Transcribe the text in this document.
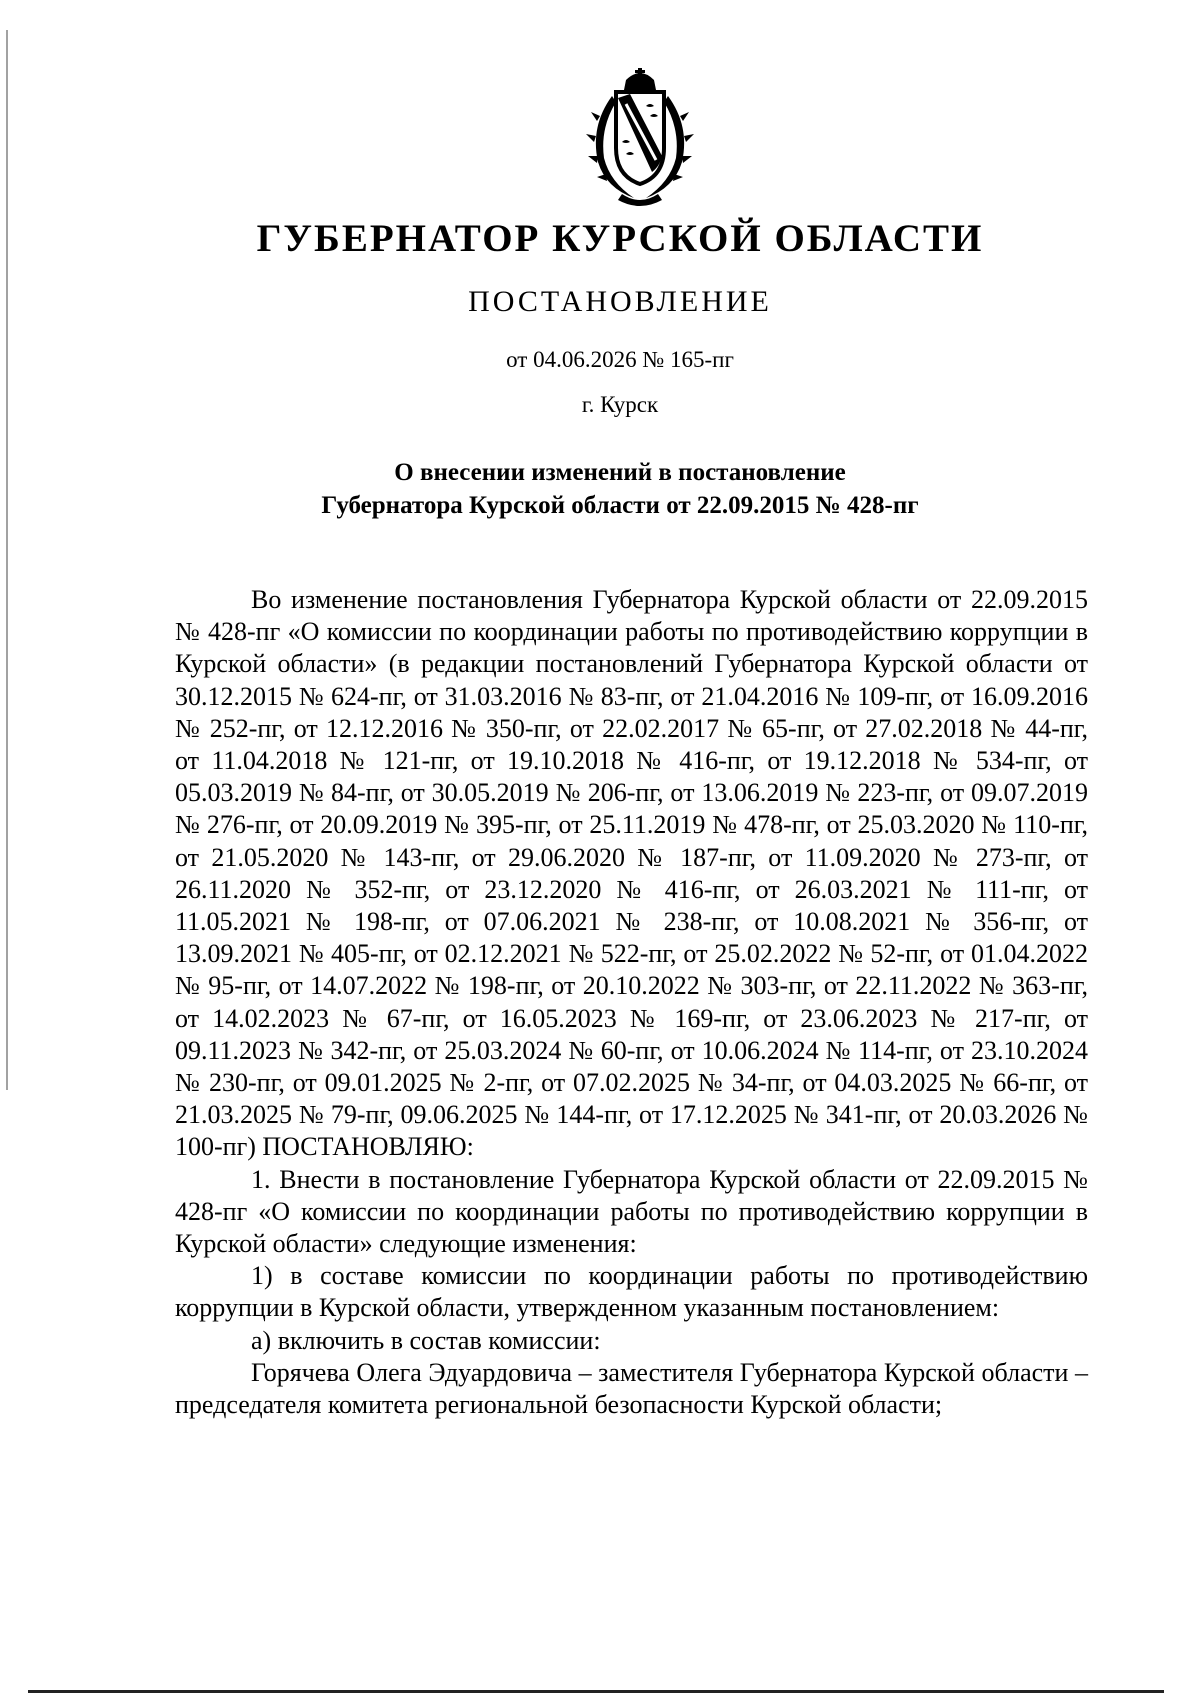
ГУБЕРНАТОР КУРСКОЙ ОБЛАСТИ
ПОСТАНОВЛЕНИЕ
от 04.06.2026 № 165-пг
г. Курск
О внесении изменений в постановление
Губернатора Курской области от 22.09.2015 № 428-пг

Во изменение постановления Губернатора Курской области от 22.09.2015 № 428-пг «О комиссии по координации работы по противодействию коррупции в Курской области» (в редакции постановлений Губернатора Курской области от 30.12.2015 № 624-пг, от 31.03.2016 № 83-пг, от 21.04.2016 № 109-пг, от 16.09.2016 № 252-пг, от 12.12.2016 № 350-пг, от 22.02.2017 № 65-пг, от 27.02.2018 № 44-пг, от 11.04.2018 № 121-пг, от 19.10.2018 № 416-пг, от 19.12.2018 № 534-пг, от 05.03.2019 № 84-пг, от 30.05.2019 № 206-пг, от 13.06.2019 № 223-пг, от 09.07.2019 № 276-пг, от 20.09.2019 № 395-пг, от 25.11.2019 № 478-пг, от 25.03.2020 № 110-пг, от 21.05.2020 № 143-пг, от 29.06.2020 № 187-пг, от 11.09.2020 № 273-пг, от 26.11.2020 № 352-пг, от 23.12.2020 № 416-пг, от 26.03.2021 № 111-пг, от 11.05.2021 № 198-пг, от 07.06.2021 № 238-пг, от 10.08.2021 № 356-пг, от 13.09.2021 № 405-пг, от 02.12.2021 № 522-пг, от 25.02.2022 № 52-пг, от 01.04.2022 № 95-пг, от 14.07.2022 № 198-пг, от 20.10.2022 № 303-пг, от 22.11.2022 № 363-пг, от 14.02.2023 № 67-пг, от 16.05.2023 № 169-пг, от 23.06.2023 № 217-пг, от 09.11.2023 № 342-пг, от 25.03.2024 № 60-пг, от 10.06.2024 № 114-пг, от 23.10.2024 № 230-пг, от 09.01.2025 № 2-пг, от 07.02.2025 № 34-пг, от 04.03.2025 № 66-пг, от 21.03.2025 № 79-пг, 09.06.2025 № 144-пг, от 17.12.2025 № 341-пг, от 20.03.2026 № 100-пг) ПОСТАНОВЛЯЮ:

1. Внести в постановление Губернатора Курской области от 22.09.2015 № 428-пг «О комиссии по координации работы по противодействию коррупции в Курской области» следующие изменения:

1) в составе комиссии по координации работы по противодействию коррупции в Курской области, утвержденном указанным постановлением:

а) включить в состав комиссии:

Горячева Олега Эдуардовича – заместителя Губернатора Курской области – председателя комитета региональной безопасности Курской области;
